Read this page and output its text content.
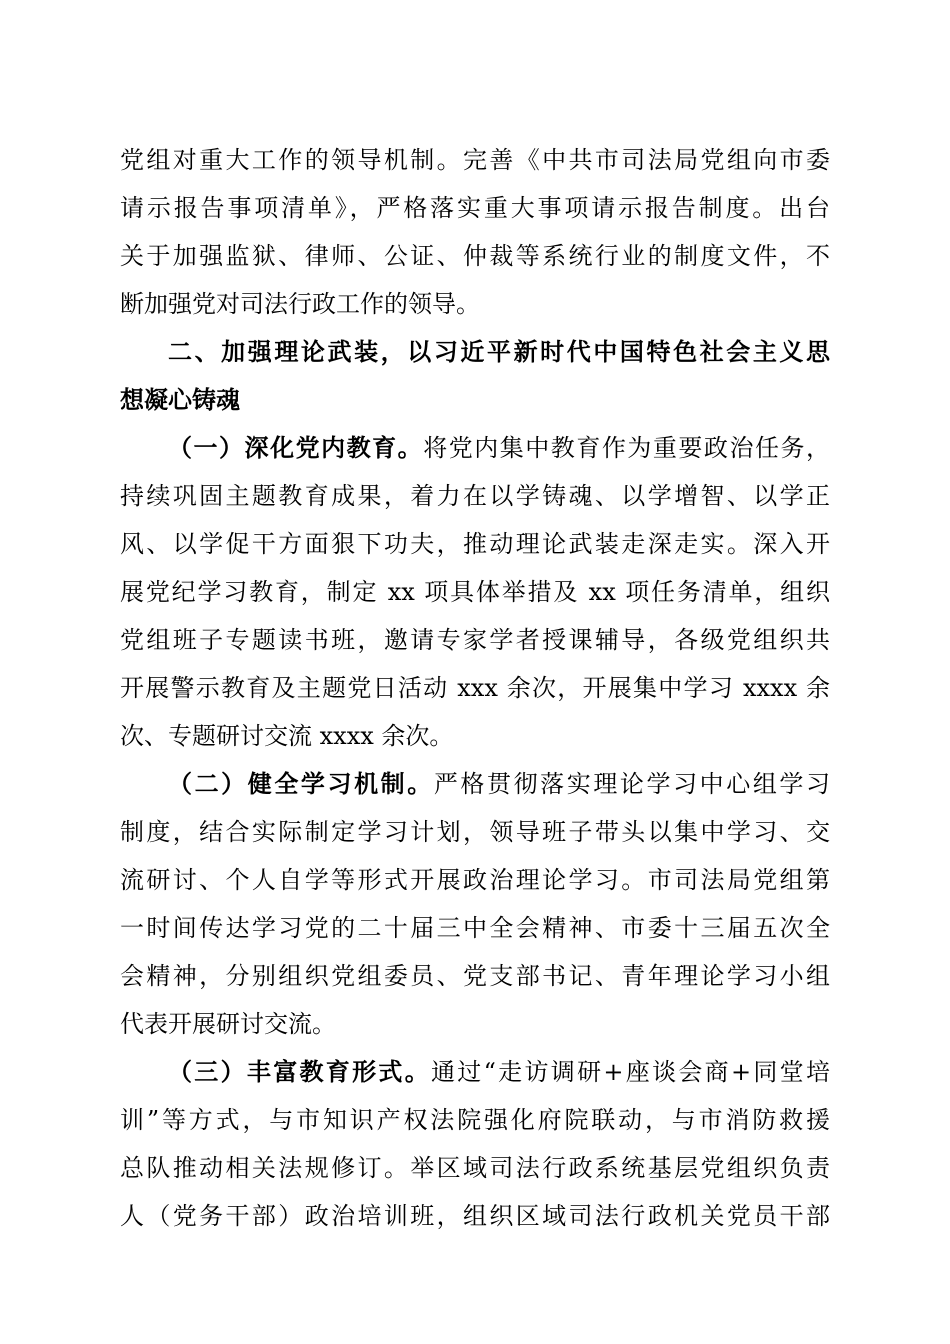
党组对重大工作的领导机制。完善《中共市司法局党组向市委
请示报告事项清单》，严格落实重大事项请示报告制度。出台
关于加强监狱、律师、公证、仲裁等系统行业的制度文件，不
断加强党对司法行政工作的领导。
二、加强理论武装，以习近平新时代中国特色社会主义思
想凝心铸魂
（一）深化党内教育。将党内集中教育作为重要政治任务，
持续巩固主题教育成果，着力在以学铸魂、以学增智、以学正
风、以学促干方面狠下功夫，推动理论武装走深走实。深入开
展党纪学习教育，制定 xx 项具体举措及 xx 项任务清单，组织
党组班子专题读书班，邀请专家学者授课辅导，各级党组织共
开展警示教育及主题党日活动 xxx 余次，开展集中学习 xxxx 余
次、专题研讨交流 xxxx 余次。
（二）健全学习机制。严格贯彻落实理论学习中心组学习
制度，结合实际制定学习计划，领导班子带头以集中学习、交
流研讨、个人自学等形式开展政治理论学习。市司法局党组第
一时间传达学习党的二十届三中全会精神、市委十三届五次全
会精神，分别组织党组委员、党支部书记、青年理论学习小组
代表开展研讨交流。
（三）丰富教育形式。通过“走访调研+座谈会商+同堂培
训”等方式，与市知识产权法院强化府院联动，与市消防救援
总队推动相关法规修订。举区域司法行政系统基层党组织负责
人（党务干部）政治培训班，组织区域司法行政机关党员干部
